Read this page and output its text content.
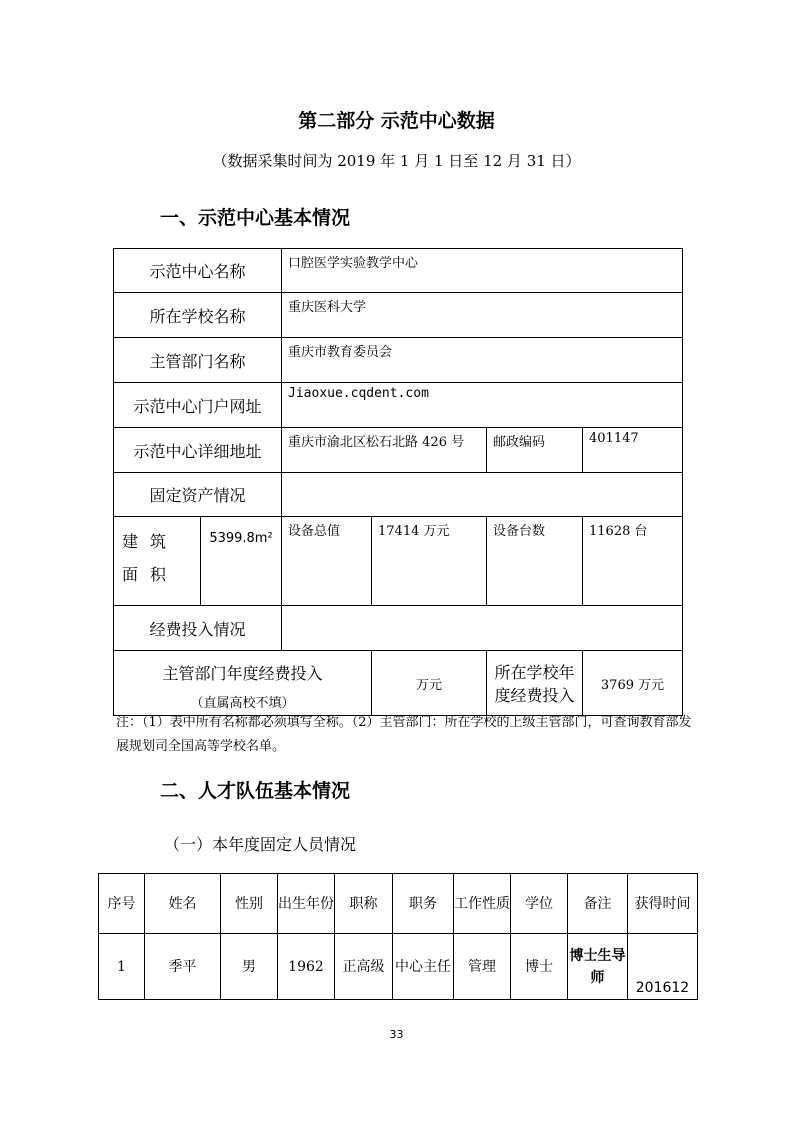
第二部分 示范中心数据
（数据采集时间为 2019 年 1 月 1 日至 12 月 31 日）
一、示范中心基本情况
示范中心名称		口腔医学实验教学中心			
所在学校名称		重庆医科大学			
主管部门名称		重庆市教育委员会			
示范中心门户网址		Jiaoxue.cqdent.com			
示范中心详细地址		重庆市渝北区松石北路 426 号		邮政编码	401147
固定资产情况					
建筑面积	5399.8m²	设备总值	17414 万元	设备台数	11628 台
经费投入情况					
主管部门年度经费投入
（直属高校不填）			万元	所在学校年度经费投入	3769 万元
注：（1）表中所有名称都必须填写全称。（2）主管部门：所在学校的上级主管部门，可查询教育部发展规划司全国高等学校名单。
二、人才队伍基本情况
（一）本年度固定人员情况
序号	姓名	性别	出生年份	职称	职务	工作性质	学位	备注	获得时间
1	季平	男	1962	正高级	中心主任	管理	博士	博士生导师	201612
33
